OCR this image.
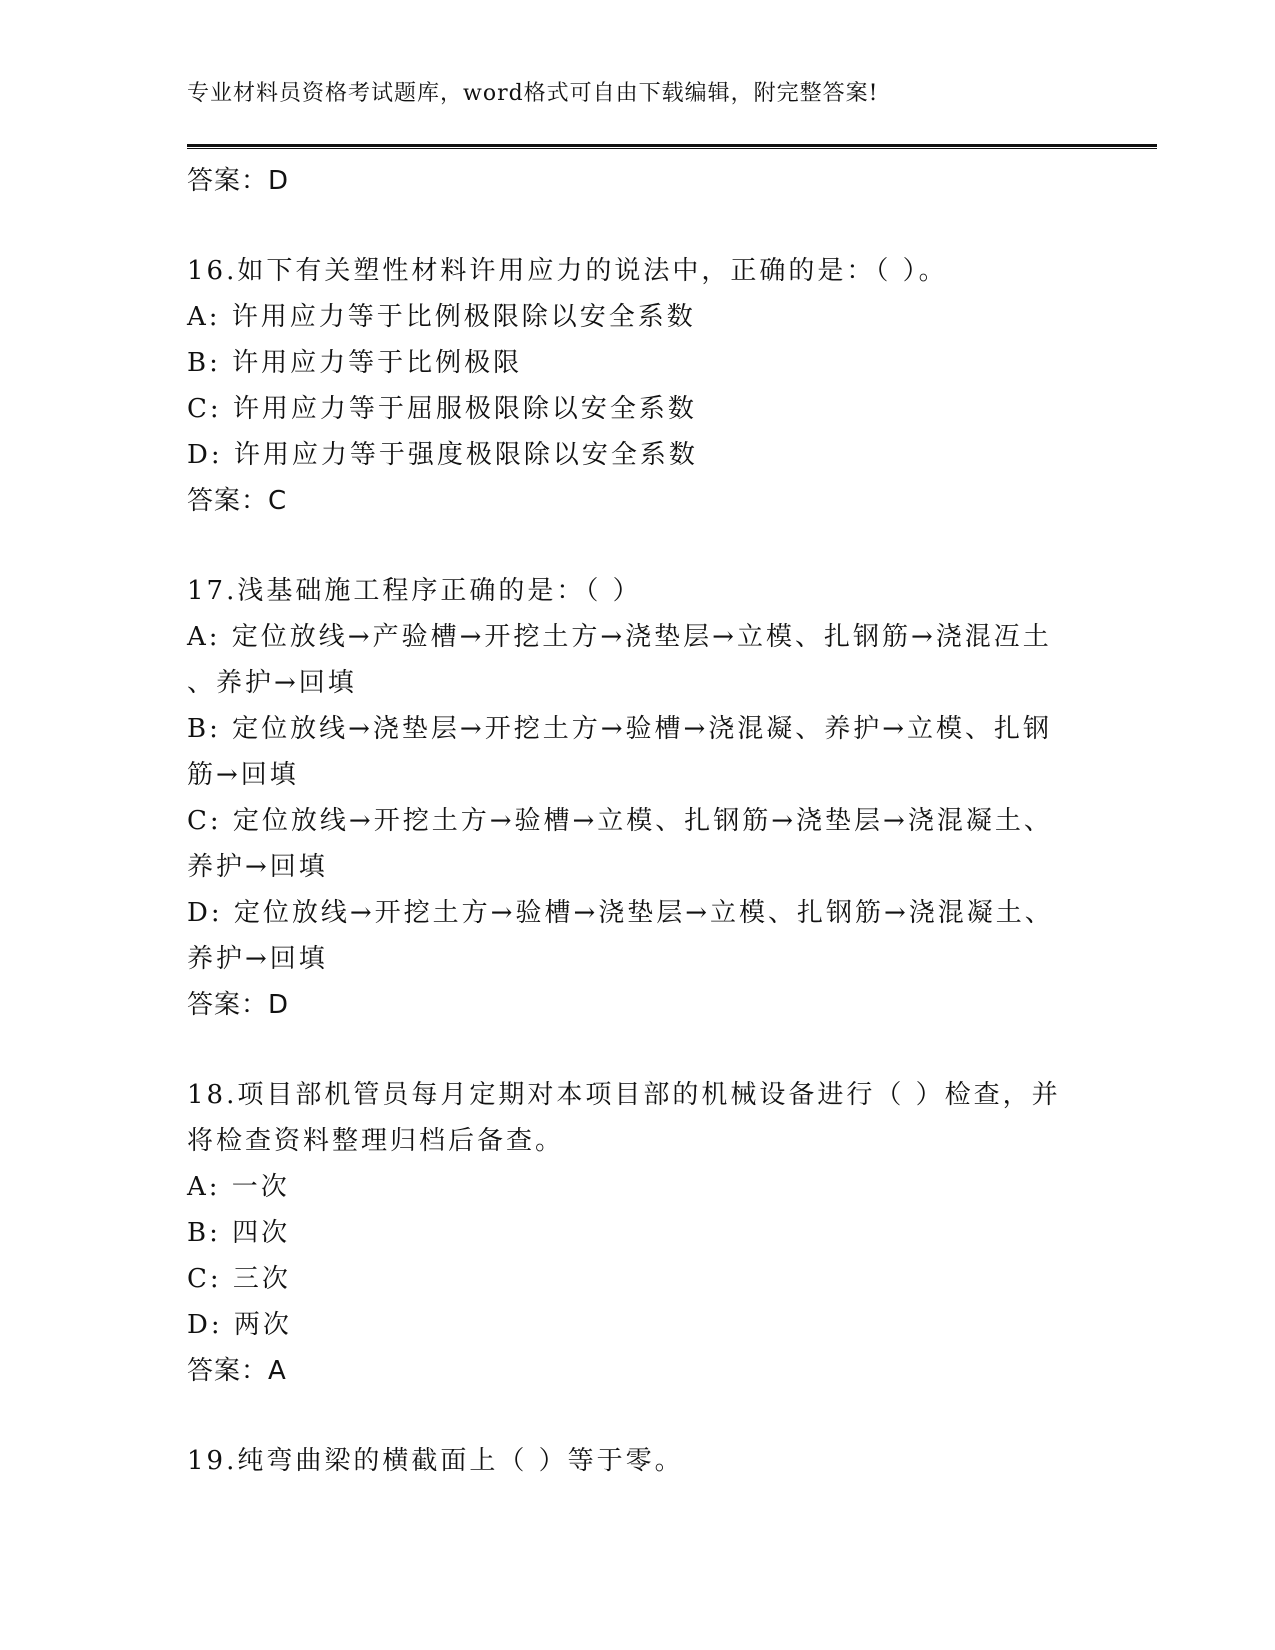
专业材料员资格考试题库，word格式可自由下载编辑，附完整答案!
答案：D
16.如下有关塑性材料许用应力的说法中，正确的是：（ ）。
A: 许用应力等于比例极限除以安全系数
B: 许用应力等于比例极限
C: 许用应力等于屈服极限除以安全系数
D: 许用应力等于强度极限除以安全系数
答案：C
17.浅基础施工程序正确的是：（ ）
A: 定位放线→产验槽→开挖土方→浇垫层→立模、扎钢筋→浇混冱土
、养护→回填
B: 定位放线→浇垫层→开挖土方→验槽→浇混凝、养护→立模、扎钢
筋→回填
C: 定位放线→开挖土方→验槽→立模、扎钢筋→浇垫层→浇混凝土、
养护→回填
D: 定位放线→开挖土方→验槽→浇垫层→立模、扎钢筋→浇混凝土、
养护→回填
答案：D
18.项目部机管员每月定期对本项目部的机械设备进行（ ）检查，并
将检查资料整理归档后备查。
A: 一次
B: 四次
C: 三次
D: 两次
答案：A
19.纯弯曲梁的横截面上（ ）等于零。
